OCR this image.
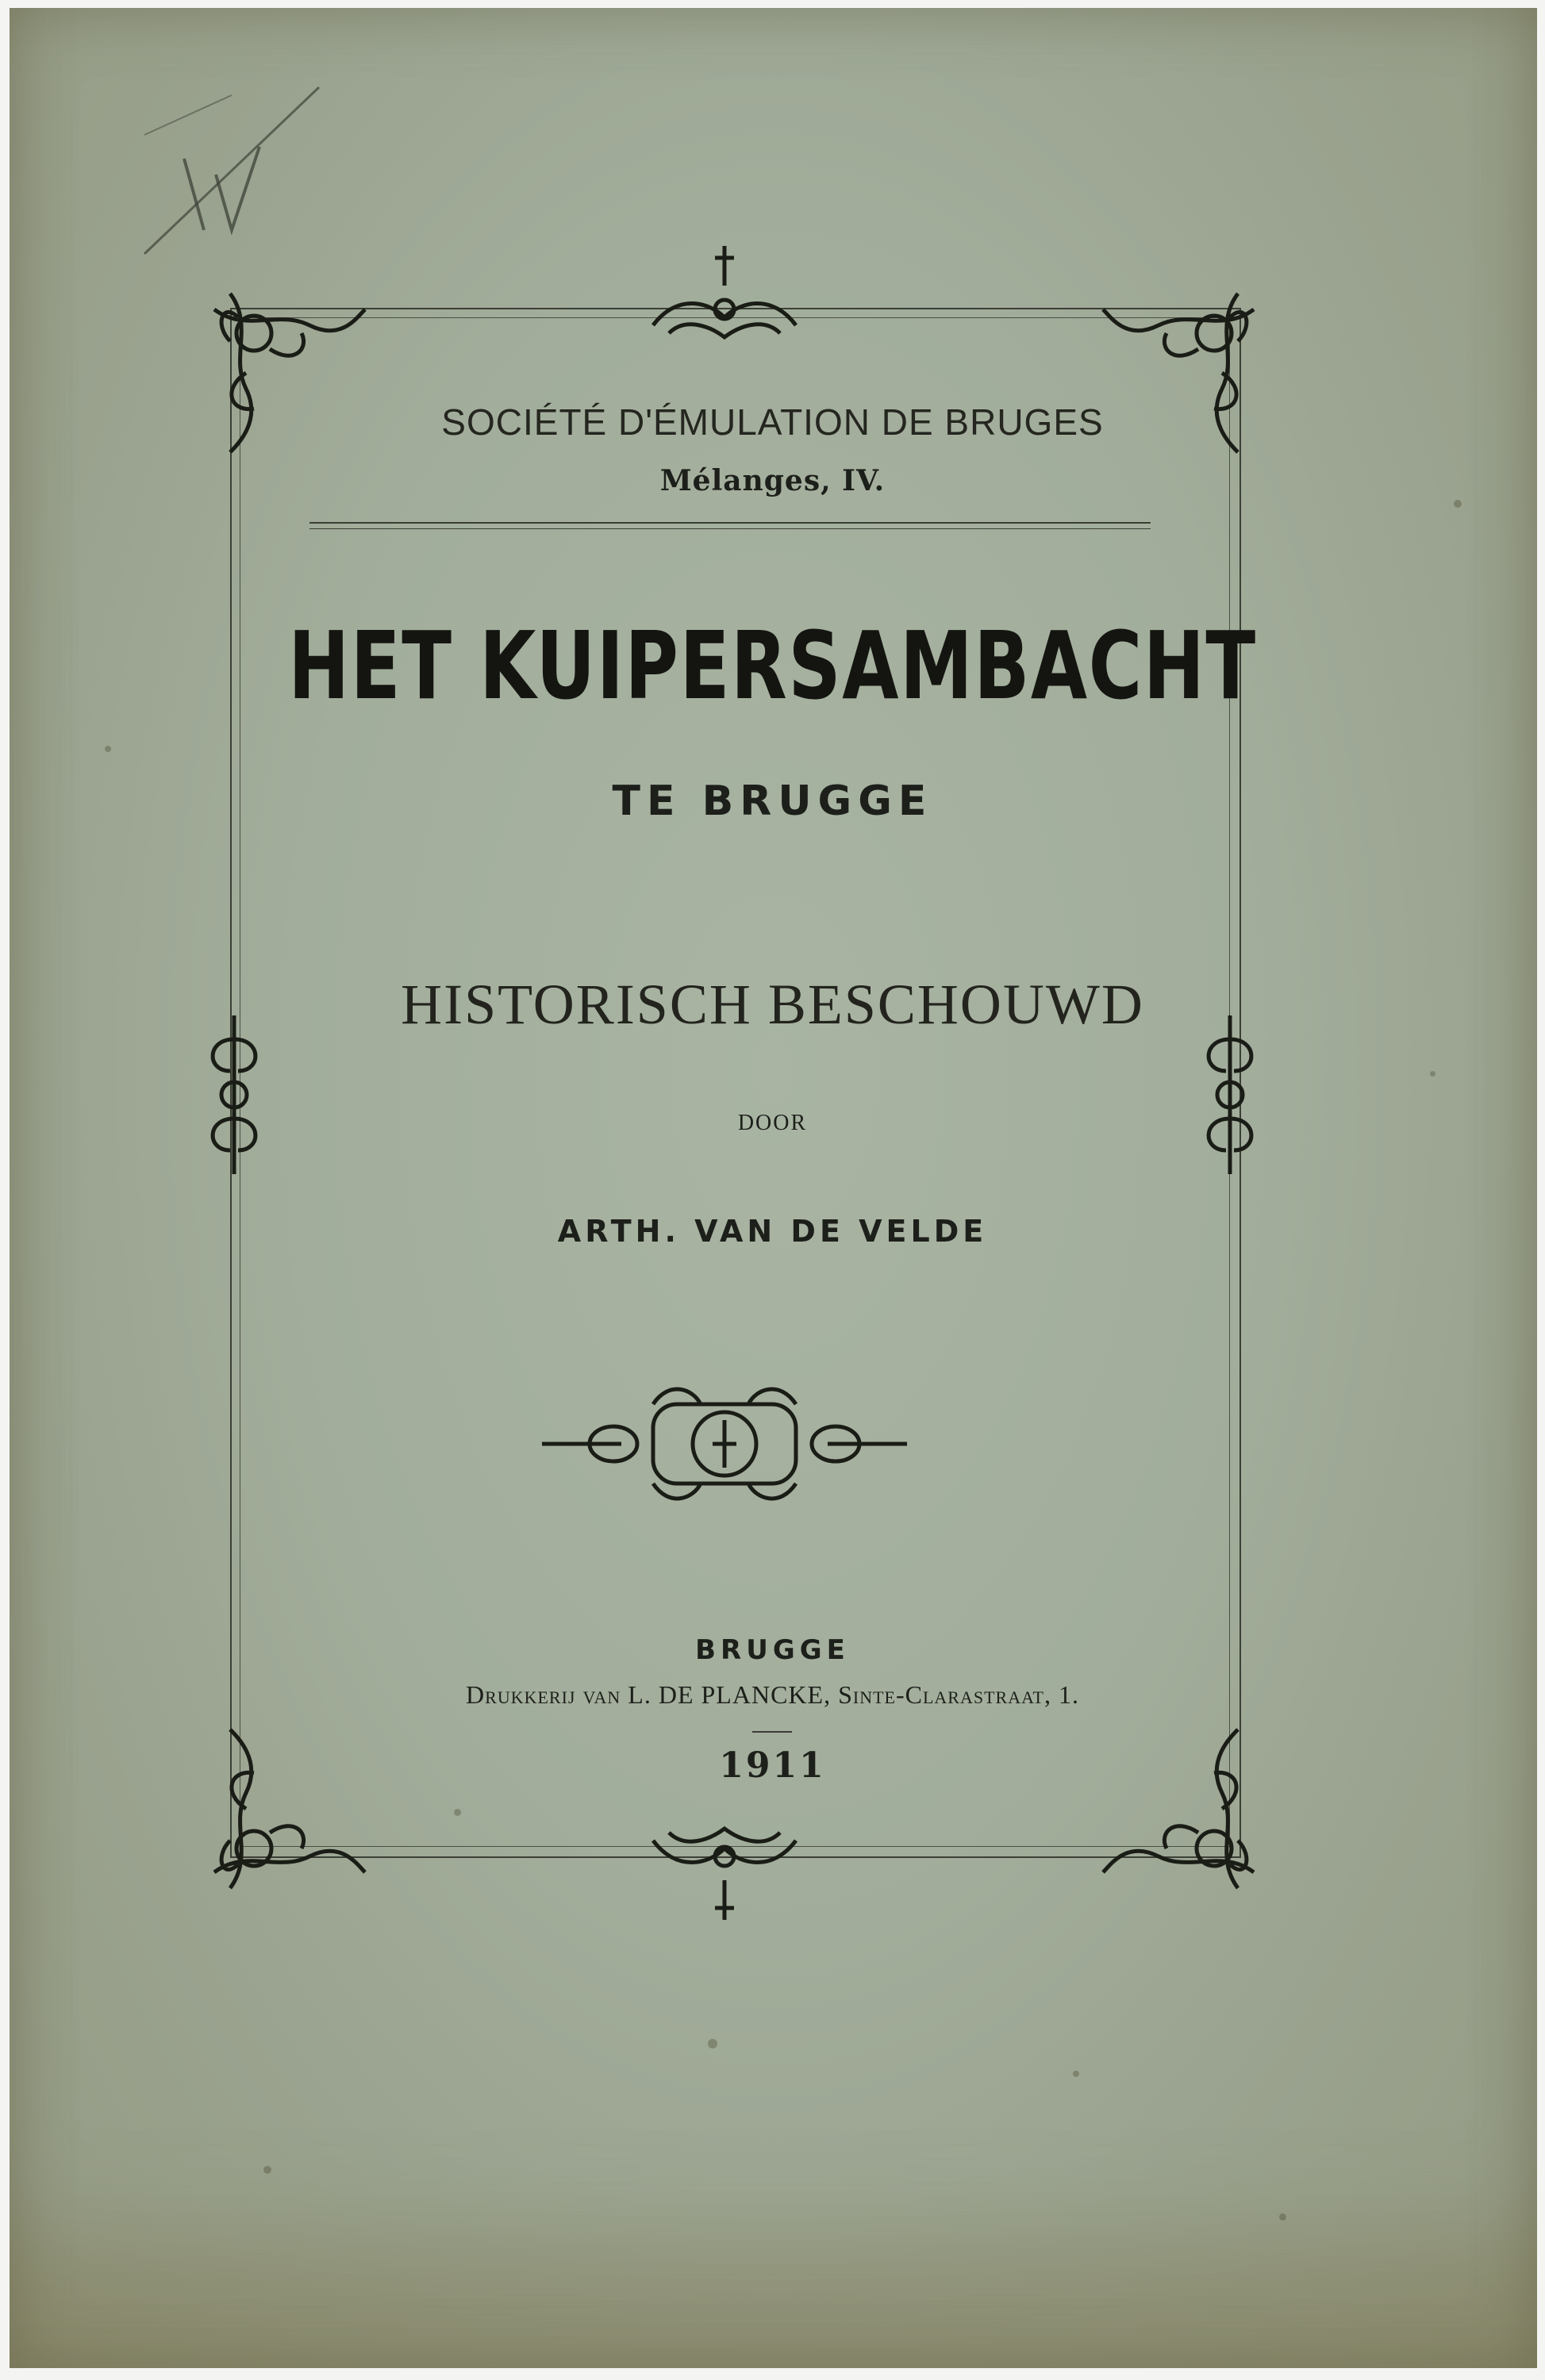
SOCIÉTÉ D'ÉMULATION DE BRUGES
Mélanges, IV.
HET KUIPERSAMBACHT
TE BRUGGE
HISTORISCH BESCHOUWD
DOOR
ARTH. VAN DE VELDE
BRUGGE
Drukkerij van L. DE PLANCKE, Sinte-Clarastraat, 1.
1911
